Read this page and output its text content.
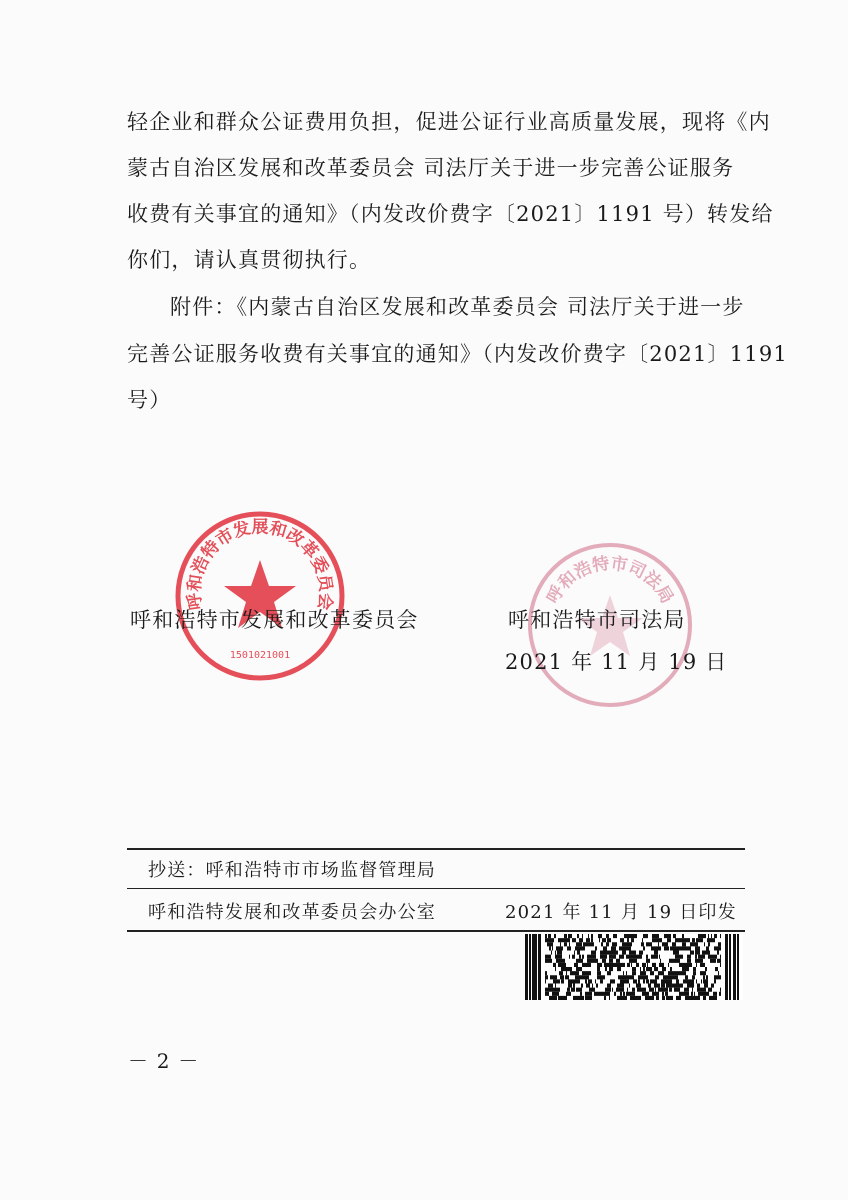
轻企业和群众公证费用负担，促进公证行业高质量发展，现将《内
蒙古自治区发展和改革委员会 司法厅关于进一步完善公证服务
收费有关事宜的通知》（内发改价费字〔2021〕1191 号）转发给
你们，请认真贯彻执行。
附件：《内蒙古自治区发展和改革委员会 司法厅关于进一步
完善公证服务收费有关事宜的通知》（内发改价费字〔2021〕1191
号）
呼和浩特市发展和改革委员会
1501021001
呼和浩特市司法局
呼和浩特市发展和改革委员会	呼和浩特市司法局
2021 年 11 月 19 日
抄送：呼和浩特市市场监督管理局
呼和浩特发展和改革委员会办公室	2021 年 11 月 19 日印发
－ 2 －
